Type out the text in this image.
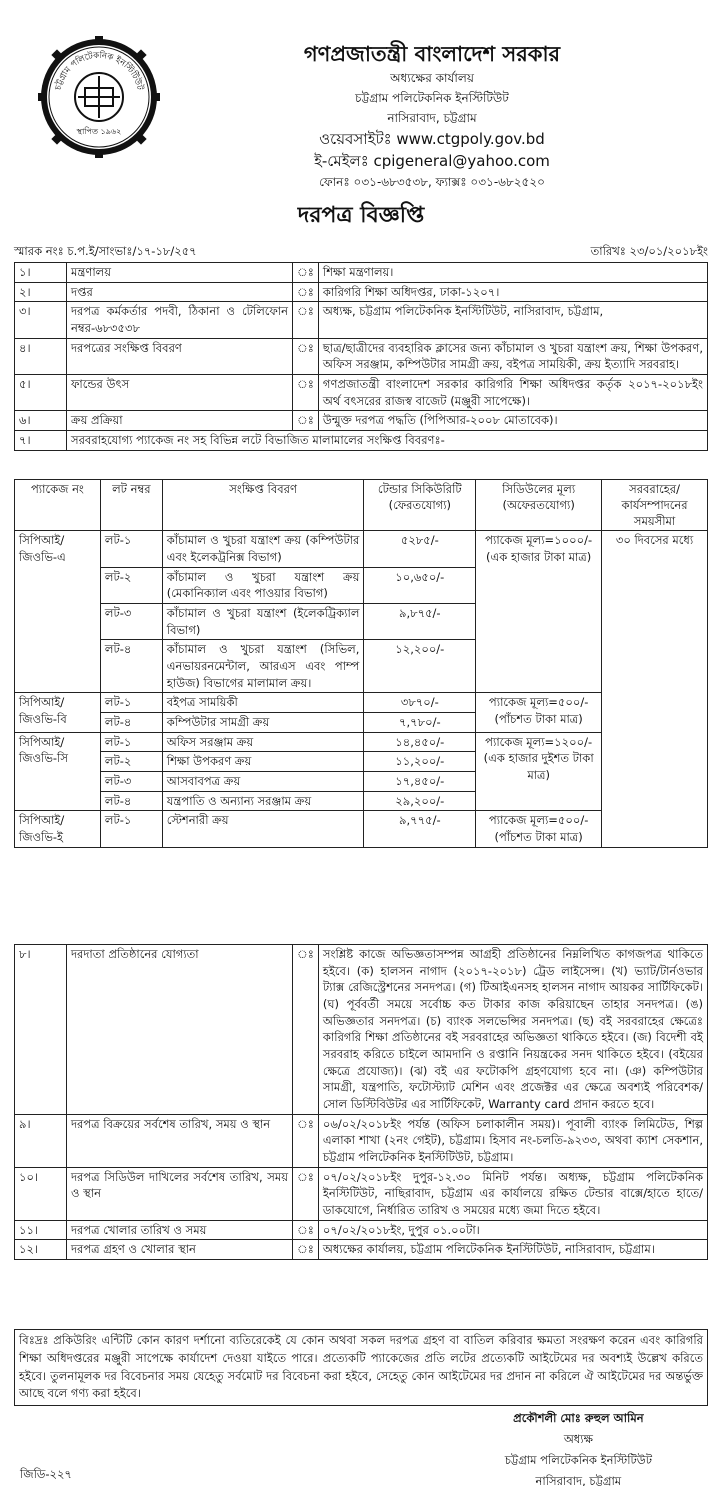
চট্টগ্রাম পলিটেকনিক ইনস্টিটিউট
স্থাপিত ১৯৬২
গণপ্রজাতন্ত্রী বাংলাদেশ সরকার
অধ্যক্ষের কার্যালয়
চট্টগ্রাম পলিটেকনিক ইনস্টিটিউট
নাসিরাবাদ, চট্টগ্রাম
ওয়েবসাইটঃ www.ctgpoly.gov.bd
ই-মেইলঃ cpigeneral@yahoo.com
ফোনঃ ০৩১-৬৮৩৫৩৮, ফ্যাক্সঃ ০৩১-৬৮২৫২০
দরপত্র বিজ্ঞপ্তি
স্মারক নংঃ চ.প.ই/সাংভাঃ/১৭-১৮/২৫৭	তারিখঃ ২৩/০১/২০১৮ইং
১।	মন্ত্রণালয়	ঃ	শিক্ষা মন্ত্রণালয়।
২।	দপ্তর	ঃ	কারিগরি শিক্ষা অধিদপ্তর, ঢাকা-১২০৭।
৩।	দরপত্র কর্মকর্তার পদবী, ঠিকানা ও টেলিফোন নম্বর-৬৮৩৫৩৮	ঃ	অধ্যক্ষ, চট্টগ্রাম পলিটেকনিক ইনস্টিটিউট, নাসিরাবাদ, চট্টগ্রাম,
৪।	দরপত্রের সংক্ষিপ্ত বিবরণ	ঃ	ছাত্র/ছাত্রীদের ব্যবহারিক ক্লাসের জন্য কাঁচামাল ও খুচরা যন্ত্রাংশ ক্রয়, শিক্ষা উপকরণ, অফিস সরঞ্জাম, কম্পিউটার সামগ্রী ক্রয়, বইপত্র সাময়িকী, ক্রয় ইত্যাদি সরবরাহ।
৫।	ফান্ডের উৎস	ঃ	গণপ্রজাতন্ত্রী বাংলাদেশ সরকার কারিগরি শিক্ষা অধিদপ্তর কর্তৃক ২০১৭-২০১৮ইং অর্থ বৎসরের রাজস্ব বাজেট (মঞ্জুরী সাপেক্ষে)।
৬।	ক্রয় প্রক্রিয়া	ঃ	উন্মুক্ত দরপত্র পদ্ধতি (পিপিআর-২০০৮ মোতাবেক)।
৭।	সরবরাহযোগ্য প্যাকেজ নং সহ বিভিন্ন লটে বিভাজিত মালামালের সংক্ষিপ্ত বিবরণঃ-		
প্যাকেজ নং	লট নম্বর	সংক্ষিপ্ত বিবরণ	টেন্ডার সিকিউরিটি (ফেরতযোগ্য)	সিডিউলের মূল্য (অফেরতযোগ্য)	সরবরাহের/ কার্যসম্পাদনের সময়সীমা
সিপিআই/ জিওভি-এ	লট-১	কাঁচামাল ও খুচরা যন্ত্রাংশ ক্রয় (কম্পিউটার এবং ইলেকট্রনিক্স বিভাগ)	৫২৮৫/-	প্যাকেজ মূল্য=১০০০/- (এক হাজার টাকা মাত্র)	৩০ দিবসের মধ্যে
	লট-২	কাঁচামাল ও খুচরা যন্ত্রাংশ ক্রয় (মেকানিক্যাল এবং পাওয়ার বিভাগ)	১০,৬৫০/-		
	লট-৩	কাঁচামাল ও খুচরা যন্ত্রাংশ (ইলেকট্রিক্যাল বিভাগ)	৯,৮৭৫/-		
	লট-৪	কাঁচামাল ও খুচরা যন্ত্রাংশ (সিভিল, এনভায়রনমেন্টাল, আরএস এবং পাম্প হাউজ) বিভাগের মালামাল ক্রয়।	১২,২০০/-		
সিপিআই/ জিওভি-বি	লট-১	বইপত্র সাময়িকী	৩৮৭০/-	প্যাকেজ মূল্য=৫০০/- (পাঁচশত টাকা মাত্র)	
	লট-৪	কম্পিউটার সামগ্রী ক্রয়	৭,৭৮০/-		
সিপিআই/ জিওভি-সি	লট-১	অফিস সরঞ্জাম ক্রয়	১৪,৪৫০/-	প্যাকেজ মূল্য=১২০০/- (এক হাজার দুইশত টাকা মাত্র)	
	লট-২	শিক্ষা উপকরণ ক্রয়	১১,২০০/-		
	লট-৩	আসবাবপত্র ক্রয়	১৭,৪৫০/-		
	লট-৪	যন্ত্রপাতি ও অন্যান্য সরঞ্জাম ক্রয়	২৯,২০০/-		
সিপিআই/ জিওভি-ই	লট-১	স্টেশনারী ক্রয়	৯,৭৭৫/-	প্যাকেজ মূল্য=৫০০/- (পাঁচশত টাকা মাত্র)	
৮।	দরদাতা প্রতিষ্ঠানের যোগ্যতা	ঃ	সংশ্লিষ্ট কাজে অভিজ্ঞতাসম্পন্ন আগ্রহী প্রতিষ্ঠানের নিম্নলিখিত কাগজপত্র থাকিতে হইবে। (ক) হালসন নাগাদ (২০১৭-২০১৮) ট্রেড লাইসেন্স। (খ) ভ্যাট/টার্নওভার ট্যাক্স রেজিস্ট্রেশনের সনদপত্র। (গ) টিআইএনসহ হালসন নাগাদ আয়কর সার্টিফিকেট। (ঘ) পূর্ববর্তী সময়ে সর্বোচ্চ কত টাকার কাজ করিয়াছেন তাহার সনদপত্র। (ঙ) অভিজ্ঞতার সনদপত্র। (চ) ব্যাংক সলভেন্সির সনদপত্র। (ছ) বই সরবরাহের ক্ষেত্রেঃ কারিগরি শিক্ষা প্রতিষ্ঠানের বই সরবরাহের অভিজ্ঞতা থাকিতে হইবে। (জ) বিদেশী বই সরবরাহ করিতে চাইলে আমদানি ও রপ্তানি নিয়ন্ত্রকের সনদ থাকিতে হইবে। (বইয়ের ক্ষেত্রে প্রযোজ্য)। (ঝ) বই এর ফটোকপি গ্রহণযোগ্য হবে না। (ঞ) কম্পিউটার সামগ্রী, যন্ত্রপাতি, ফটোস্ট্যাট মেশিন এবং প্রজেক্টর এর ক্ষেত্রে অবশ্যই পরিবেশক/সোল ডিস্টিবিউটর এর সার্টিফিকেট, Warranty card প্রদান করতে হবে।
৯।	দরপত্র বিক্রয়ের সর্বশেষ তারিখ, সময় ও স্থান	ঃ	০৬/০২/২০১৮ইং পর্যন্ত (অফিস চলাকালীন সময়)। পূবালী ব্যাংক লিমিটেড, শিল্প এলাকা শাখা (২নং গেইট), চট্টগ্রাম। হিসাব নং-চলতি-৯২৩৩, অথবা ক্যাশ সেকশান, চট্টগ্রাম পলিটেকনিক ইনস্টিটিউট, চট্টগ্রাম।
১০।	দরপত্র সিডিউল দাখিলের সর্বশেষ তারিখ, সময় ও স্থান	ঃ	০৭/০২/২০১৮ইং দুপুর-১২.৩০ মিনিট পর্যন্ত। অধ্যক্ষ, চট্টগ্রাম পলিটেকনিক ইনস্টিটিউট, নাছিরাবাদ, চট্টগ্রাম এর কার্যালয়ে রক্ষিত টেন্ডার বাক্সে/হাতে হাতে/ডাকযোগে, নির্ধারিত তারিখ ও সময়ের মধ্যে জমা দিতে হইবে।
১১।	দরপত্র খোলার তারিখ ও সময়	ঃ	০৭/০২/২০১৮ইং, দুপুর ০১.০০টা।
১২।	দরপত্র গ্রহণ ও খোলার স্থান	ঃ	অধ্যক্ষের কার্যালয়, চট্টগ্রাম পলিটেকনিক ইনস্টিটিউট, নাসিরাবাদ, চট্টগ্রাম।
বিঃদ্রঃ প্রকিউরিং এন্টিটি কোন কারণ দর্শানো ব্যতিরেকেই যে কোন অথবা সকল দরপত্র গ্রহণ বা বাতিল করিবার ক্ষমতা সংরক্ষণ করেন এবং কারিগরি শিক্ষা অধিদপ্তরের মঞ্জুরী সাপেক্ষে কার্যাদেশ দেওয়া যাইতে পারে। প্রত্যেকটি প্যাকেজের প্রতি লটের প্রত্যেকটি আইটেমের দর অবশ্যই উল্লেখ করিতে হইবে। তুলনামূলক দর বিবেচনার সময় যেহেতু সর্বমোট দর বিবেচনা করা হইবে, সেহেতু কোন আইটেমের দর প্রদান না করিলে ঐ আইটেমের দর অন্তর্ভুক্ত আছে বলে গণ্য করা হইবে।
প্রকৌশলী মোঃ রুহুল আমিন
অধ্যক্ষ
চট্টগ্রাম পলিটেকনিক ইনস্টিটিউট
নাসিরাবাদ, চট্টগ্রাম
জিডি-২২৭
